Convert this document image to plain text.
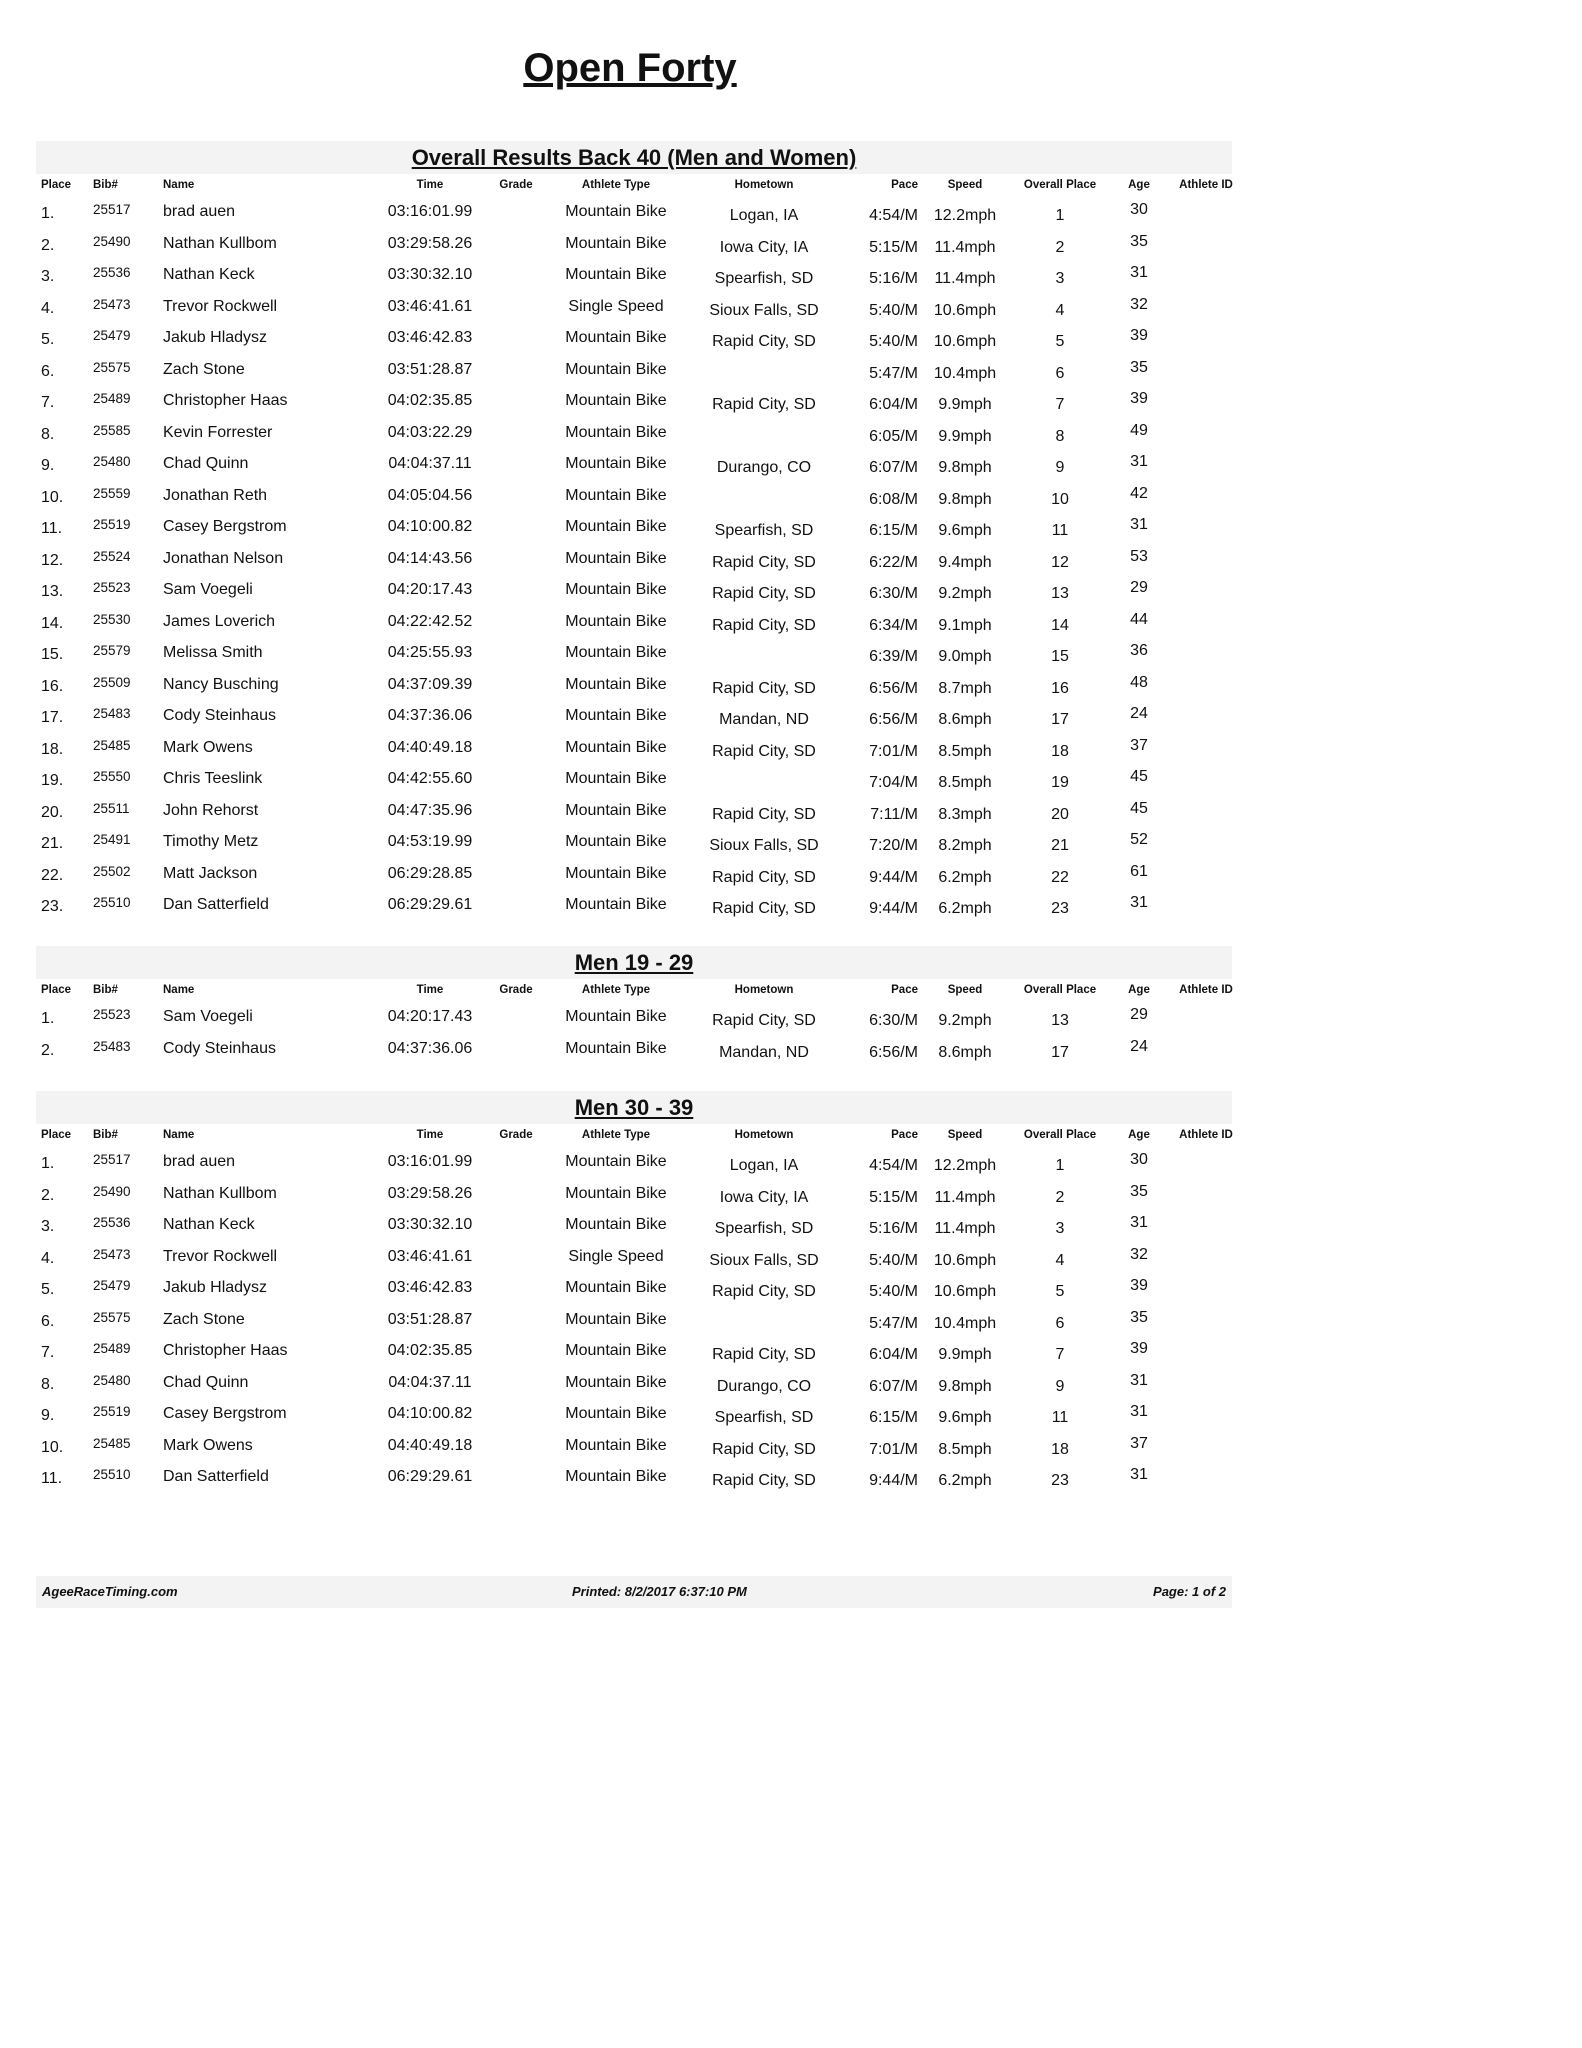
Open Forty
Overall Results Back 40 (Men and Women)
Place Bib#	Name	Time	Grade	Athlete Type	Hometown	Pace	Speed	Overall Place	Age	Athlete ID
1.	25517 brad auen	03:16:01.99	Mountain Bike	Logan, IA	4:54/M 12.2mph	1	30
2.	25490 Nathan Kullbom	03:29:58.26	Mountain Bike	Iowa City, IA	5:15/M	11.4mph	2	35
3.	25536 Nathan Keck	03:30:32.10	Mountain Bike	Spearfish, SD	5:16/M	11.4mph	3	31
4.	25473 Trevor Rockwell	03:46:41.61	Single Speed	Sioux Falls, SD	5:40/M 10.6mph	4	32
5.	25479 Jakub Hladysz	03:46:42.83	Mountain Bike	Rapid City, SD	5:40/M 10.6mph	5	39
6.	25575 Zach Stone	03:51:28.87	Mountain Bike	5:47/M 10.4mph	6	35
7.	25489 Christopher Haas	04:02:35.85	Mountain Bike	Rapid City, SD	6:04/M	9.9mph	7	39
8.	25585 Kevin Forrester	04:03:22.29	Mountain Bike	6:05/M	9.9mph	8	49
9.	25480 Chad Quinn	04:04:37.11	Mountain Bike	Durango, CO	6:07/M	9.8mph	9	31
10. 25559 Jonathan Reth	04:05:04.56	Mountain Bike	6:08/M	9.8mph	10	42
11. 25519 Casey Bergstrom	04:10:00.82	Mountain Bike	Spearfish, SD	6:15/M	9.6mph	11	31
12. 25524 Jonathan Nelson	04:14:43.56	Mountain Bike	Rapid City, SD	6:22/M	9.4mph	12	53
13. 25523 Sam Voegeli	04:20:17.43	Mountain Bike	Rapid City, SD	6:30/M	9.2mph	13	29
14. 25530 James Loverich	04:22:42.52	Mountain Bike	Rapid City, SD	6:34/M	9.1mph	14	44
15. 25579 Melissa Smith	04:25:55.93	Mountain Bike	6:39/M	9.0mph	15	36
16. 25509 Nancy Busching	04:37:09.39	Mountain Bike	Rapid City, SD	6:56/M	8.7mph	16	48
17. 25483 Cody Steinhaus	04:37:36.06	Mountain Bike	Mandan, ND	6:56/M	8.6mph	17	24
18. 25485 Mark Owens	04:40:49.18	Mountain Bike	Rapid City, SD	7:01/M	8.5mph	18	37
19. 25550 Chris Teeslink	04:42:55.60	Mountain Bike	7:04/M	8.5mph	19	45
20. 25511 John Rehorst	04:47:35.96	Mountain Bike	Rapid City, SD	7:11/M	8.3mph	20	45
21. 25491 Timothy Metz	04:53:19.99	Mountain Bike	Sioux Falls, SD	7:20/M	8.2mph	21	52
22. 25502 Matt Jackson	06:29:28.85	Mountain Bike	Rapid City, SD	9:44/M	6.2mph	22	61
23. 25510 Dan Satterfield	06:29:29.61	Mountain Bike	Rapid City, SD	9:44/M	6.2mph	23	31
Men 19 - 29
Place Bib#	Name	Time	Grade	Athlete Type	Hometown	Pace	Speed	Overall Place	Age	Athlete ID
1.	25523 Sam Voegeli	04:20:17.43	Mountain Bike	Rapid City, SD	6:30/M	9.2mph	13	29
2.	25483 Cody Steinhaus	04:37:36.06	Mountain Bike	Mandan, ND	6:56/M	8.6mph	17	24
Men 30 - 39
Place Bib#	Name	Time	Grade	Athlete Type	Hometown	Pace	Speed	Overall Place	Age	Athlete ID
1.	25517 brad auen	03:16:01.99	Mountain Bike	Logan, IA	4:54/M 12.2mph	1	30
2.	25490 Nathan Kullbom	03:29:58.26	Mountain Bike	Iowa City, IA	5:15/M	11.4mph	2	35
3.	25536 Nathan Keck	03:30:32.10	Mountain Bike	Spearfish, SD	5:16/M	11.4mph	3	31
4.	25473 Trevor Rockwell	03:46:41.61	Single Speed	Sioux Falls, SD	5:40/M 10.6mph	4	32
5.	25479 Jakub Hladysz	03:46:42.83	Mountain Bike	Rapid City, SD	5:40/M 10.6mph	5	39
6.	25575 Zach Stone	03:51:28.87	Mountain Bike	5:47/M 10.4mph	6	35
7.	25489 Christopher Haas	04:02:35.85	Mountain Bike	Rapid City, SD	6:04/M	9.9mph	7	39
8.	25480 Chad Quinn	04:04:37.11	Mountain Bike	Durango, CO	6:07/M	9.8mph	9	31
9.	25519 Casey Bergstrom	04:10:00.82	Mountain Bike	Spearfish, SD	6:15/M	9.6mph	11	31
10. 25485 Mark Owens	04:40:49.18	Mountain Bike	Rapid City, SD	7:01/M	8.5mph	18	37
11. 25510 Dan Satterfield	06:29:29.61	Mountain Bike	Rapid City, SD	9:44/M	6.2mph	23	31
AgeeRaceTiming.com	Printed: 8/2/2017 6:37:10 PM	Page: 1 of 2
